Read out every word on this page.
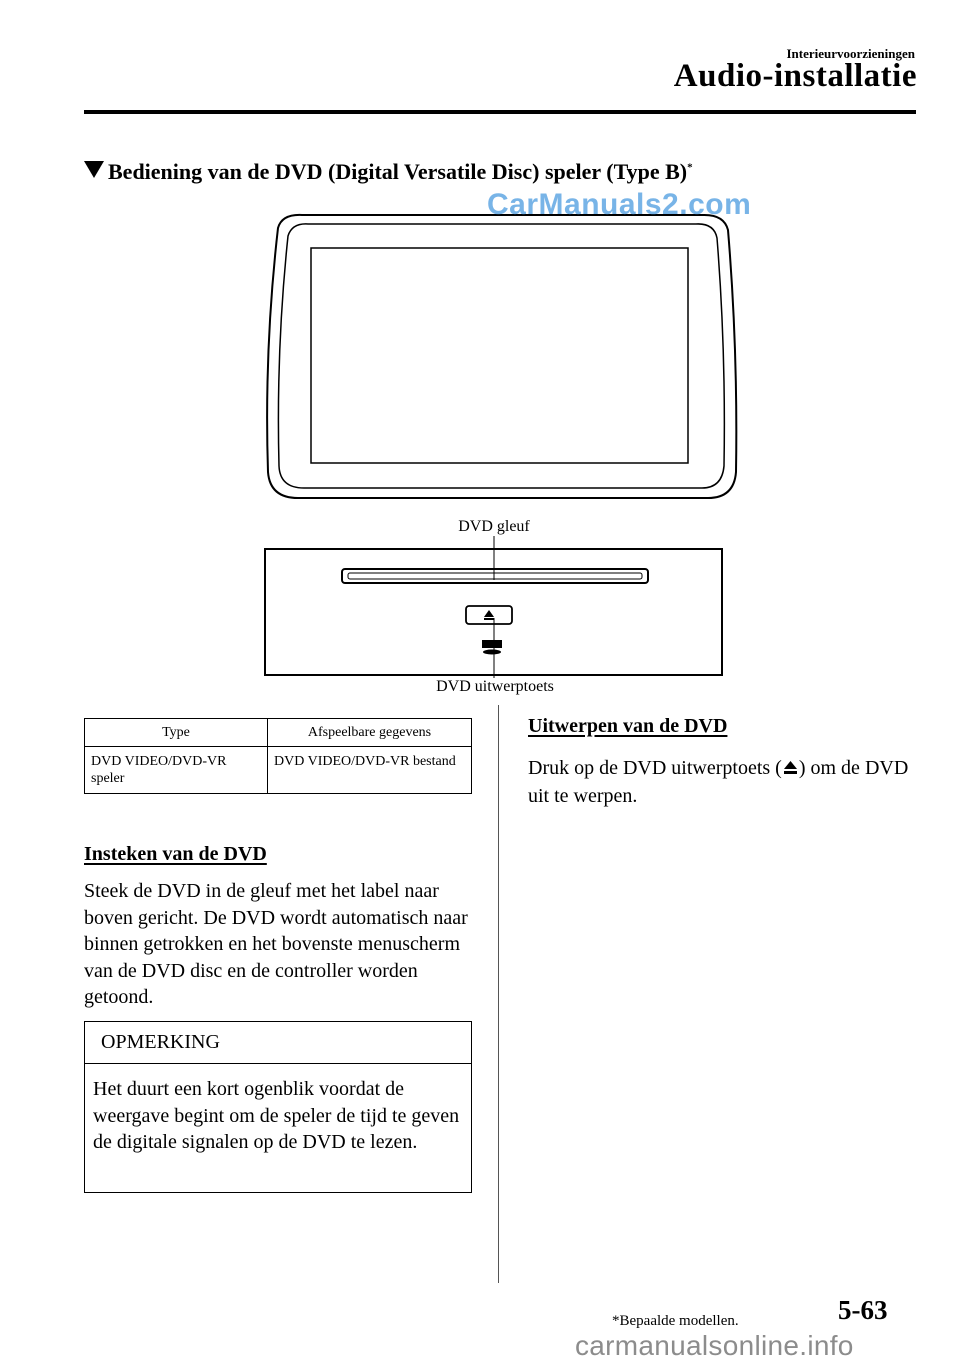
Interieurvoorzieningen
Audio-installatie
Bediening van de DVD (Digital Versatile Disc) speler (Type B)*
CarManuals2.com
DVD gleuf
DVD uitwerptoets
Type	Afspeelbare gegevens
DVD VIDEO/DVD-VR speler	DVD VIDEO/DVD-VR bestand
Insteken van de DVD
Steek de DVD in de gleuf met het label naar boven gericht. De DVD wordt automatisch naar binnen getrokken en het bovenste menuscherm van de DVD disc en de controller worden getoond.
OPMERKING
Het duurt een kort ogenblik voordat de weergave begint om de speler de tijd te geven de digitale signalen op de DVD te lezen.
Uitwerpen van de DVD
Druk op de DVD uitwerptoets ( ) om de DVD uit te werpen.
*Bepaalde modellen.	5-63
carmanualsonline.info
